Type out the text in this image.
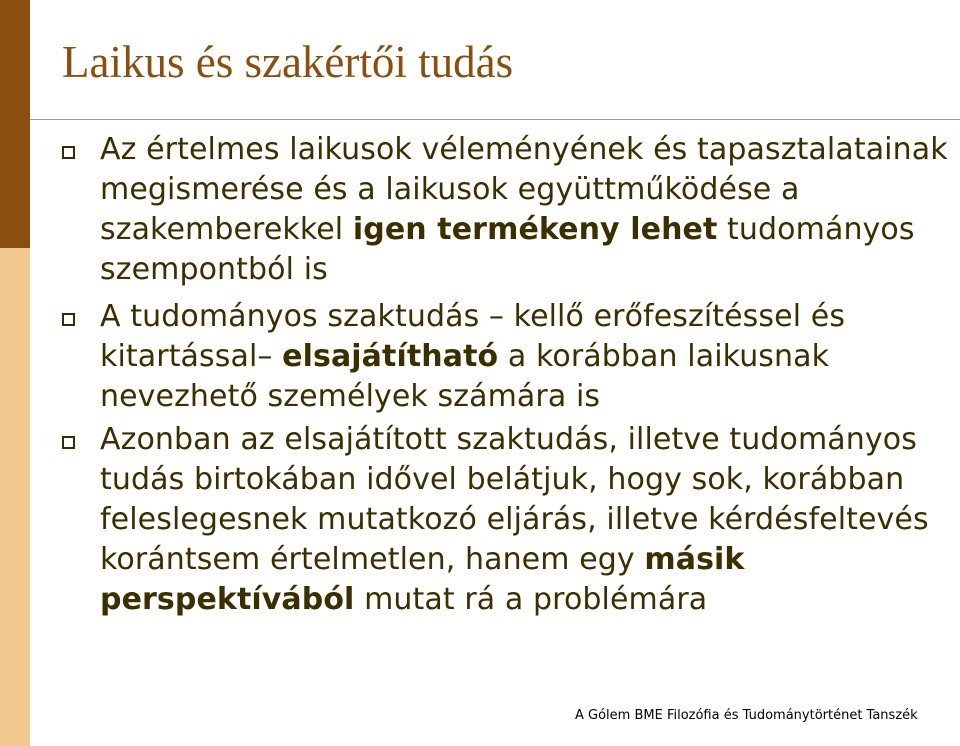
Laikus és szakértői tudás

Az értelmes laikusok véleményének és tapasztalatainak megismerése és a laikusok együttműködése a szakemberekkel igen termékeny lehet tudományos szempontból is

A tudományos szaktudás – kellő erőfeszítéssel és kitartással– elsajátítható a korábban laikusnak nevezhető személyek számára is

Azonban az elsajátított szaktudás, illetve tudományos tudás birtokában idővel belátjuk, hogy sok, korábban feleslegesnek mutatkozó eljárás, illetve kérdésfeltevés korántsem értelmetlen, hanem egy másik perspektívából mutat rá a problémára

A Gólem BME Filozófia és Tudománytörténet Tanszék
